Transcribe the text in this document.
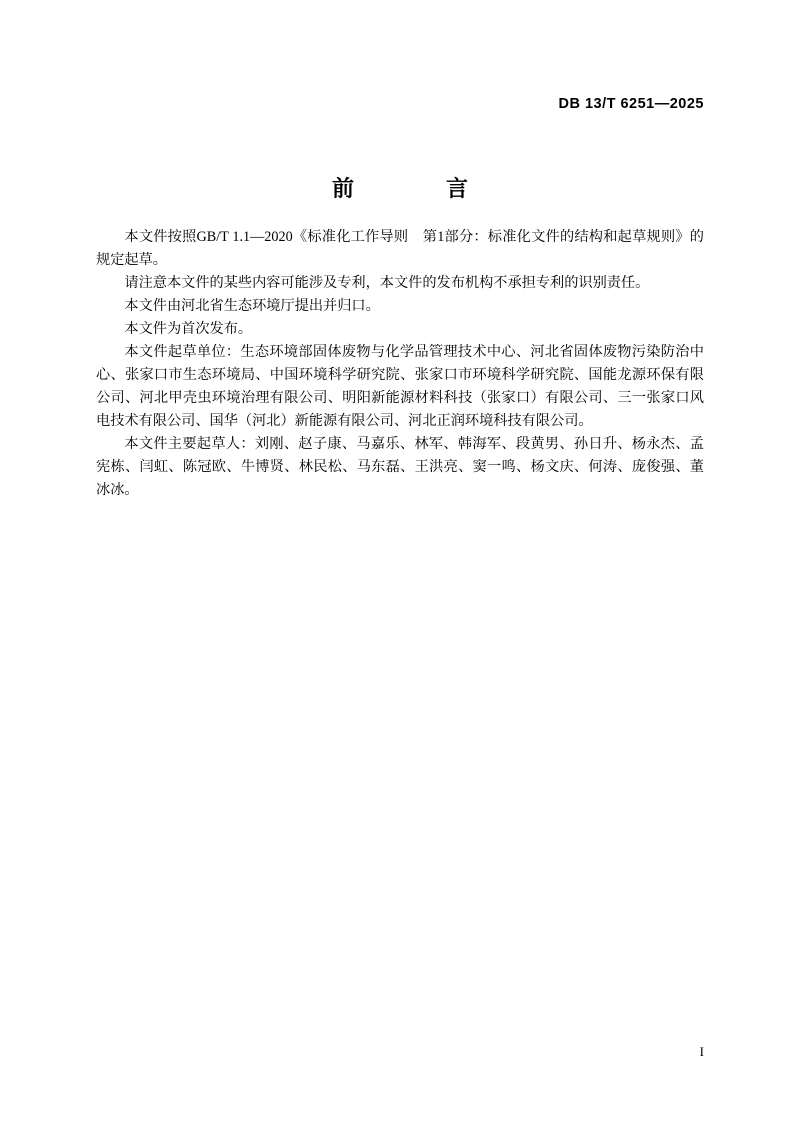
DB 13/T 6251—2025
前　　言

本文件按照GB/T 1.1—2020《标准化工作导则　第1部分：标准化文件的结构和起草规则》的规定起草。

请注意本文件的某些内容可能涉及专利，本文件的发布机构不承担专利的识别责任。

本文件由河北省生态环境厅提出并归口。

本文件为首次发布。

本文件起草单位：生态环境部固体废物与化学品管理技术中心、河北省固体废物污染防治中心、张家口市生态环境局、中国环境科学研究院、张家口市环境科学研究院、国能龙源环保有限公司、河北甲壳虫环境治理有限公司、明阳新能源材料科技（张家口）有限公司、三一张家口风电技术有限公司、国华（河北）新能源有限公司、河北正润环境科技有限公司。

本文件主要起草人：刘刚、赵子康、马嘉乐、林军、韩海军、段黄男、孙日升、杨永杰、孟宪栋、闫虹、陈冠欧、牛博贤、林民松、马东磊、王洪亮、窦一鸣、杨文庆、何涛、庞俊强、董冰冰。

I
